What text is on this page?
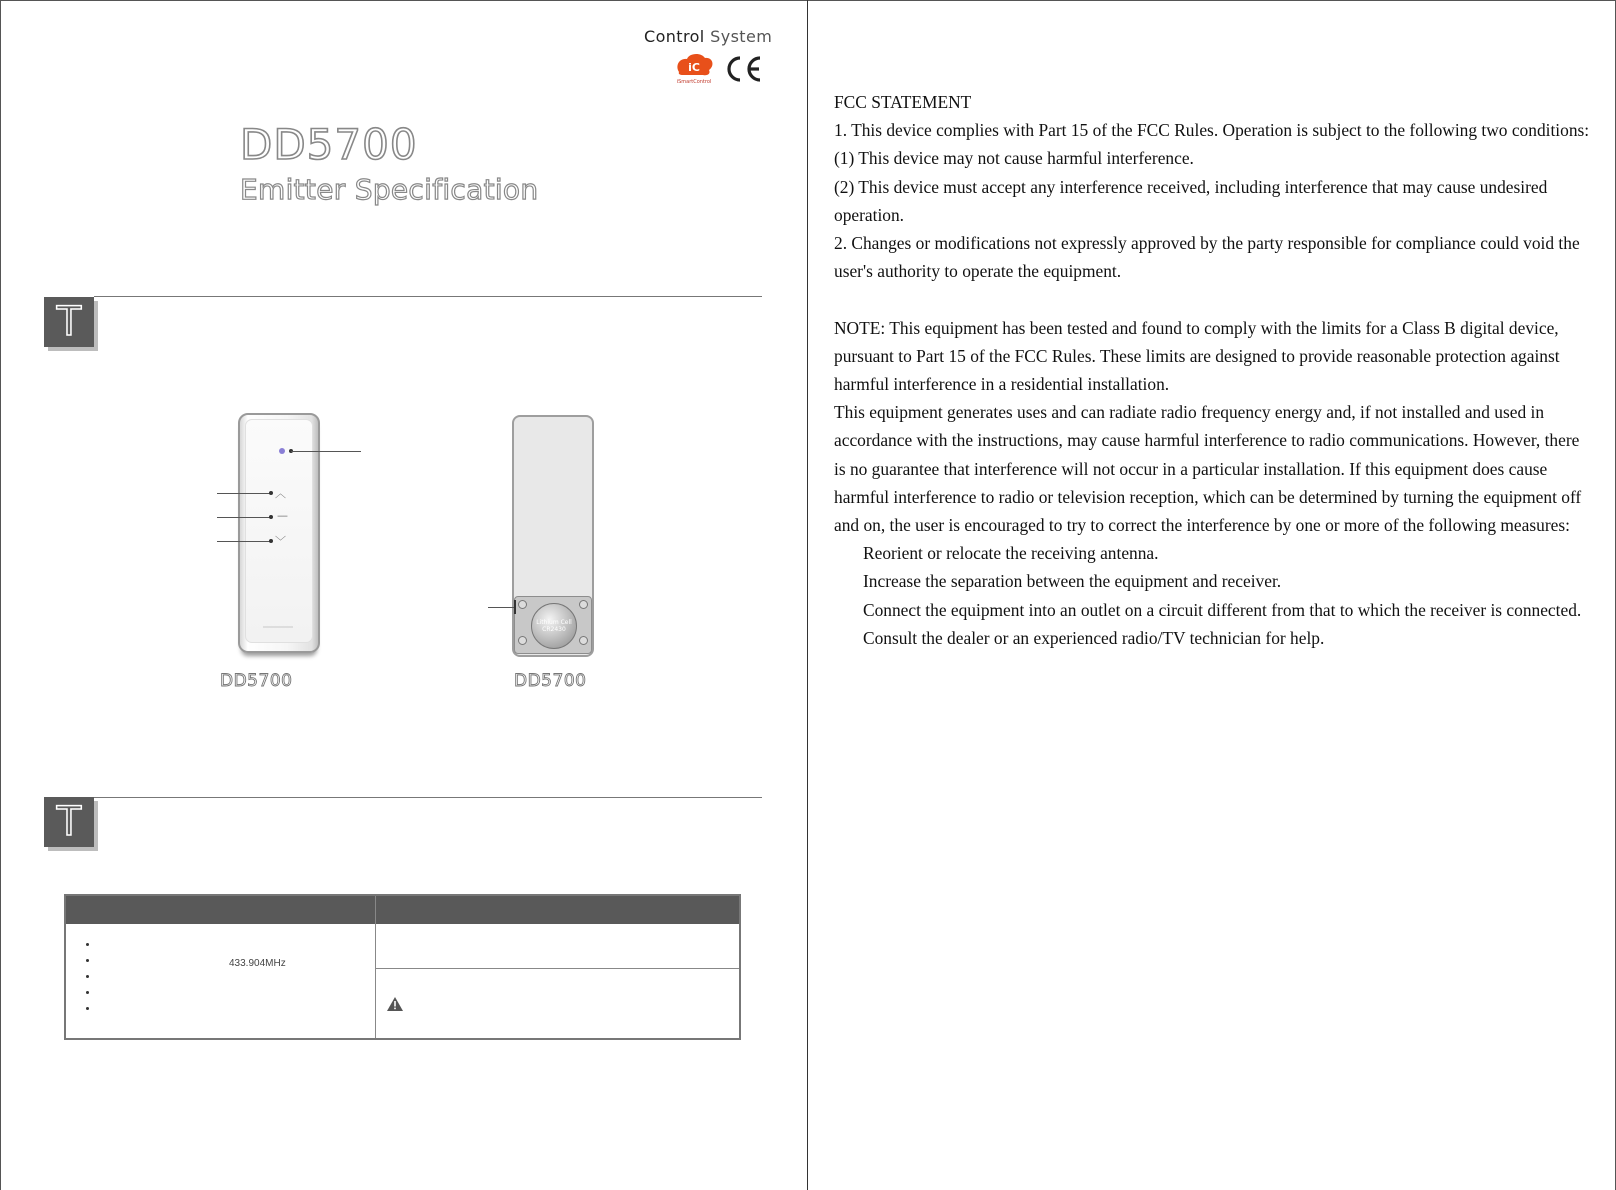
Control System
iC
iSmartControl
DD5700
Emitter Specification
T
︿
—
﹀
Lithium Cell
CR2430
DD5700	DD5700
T
433.904MHz

FCC STATEMENT

1. This device complies with Part 15 of the FCC Rules. Operation is subject to the following two conditions:

(1) This device may not cause harmful interference.

(2) This device must accept any interference received, including interference that may cause undesired operation.

2. Changes or modifications not expressly approved by the party responsible for compliance could void the user's authority to operate the equipment.

NOTE: This equipment has been tested and found to comply with the limits for a Class B digital device, pursuant to Part 15 of the FCC Rules. These limits are designed to provide reasonable protection against harmful interference in a residential installation.

This equipment generates uses and can radiate radio frequency energy and, if not installed and used in accordance with the instructions, may cause harmful interference to radio communications. However, there is no guarantee that interference will not occur in a particular installation. If this equipment does cause harmful interference to radio or television reception, which can be determined by turning the equipment off and on, the user is encouraged to try to correct the interference by one or more of the following measures:

Reorient or relocate the receiving antenna.

Increase the separation between the equipment and receiver.

Connect the equipment into an outlet on a circuit different from that to which the receiver is connected.

Consult the dealer or an experienced radio/TV technician for help.
